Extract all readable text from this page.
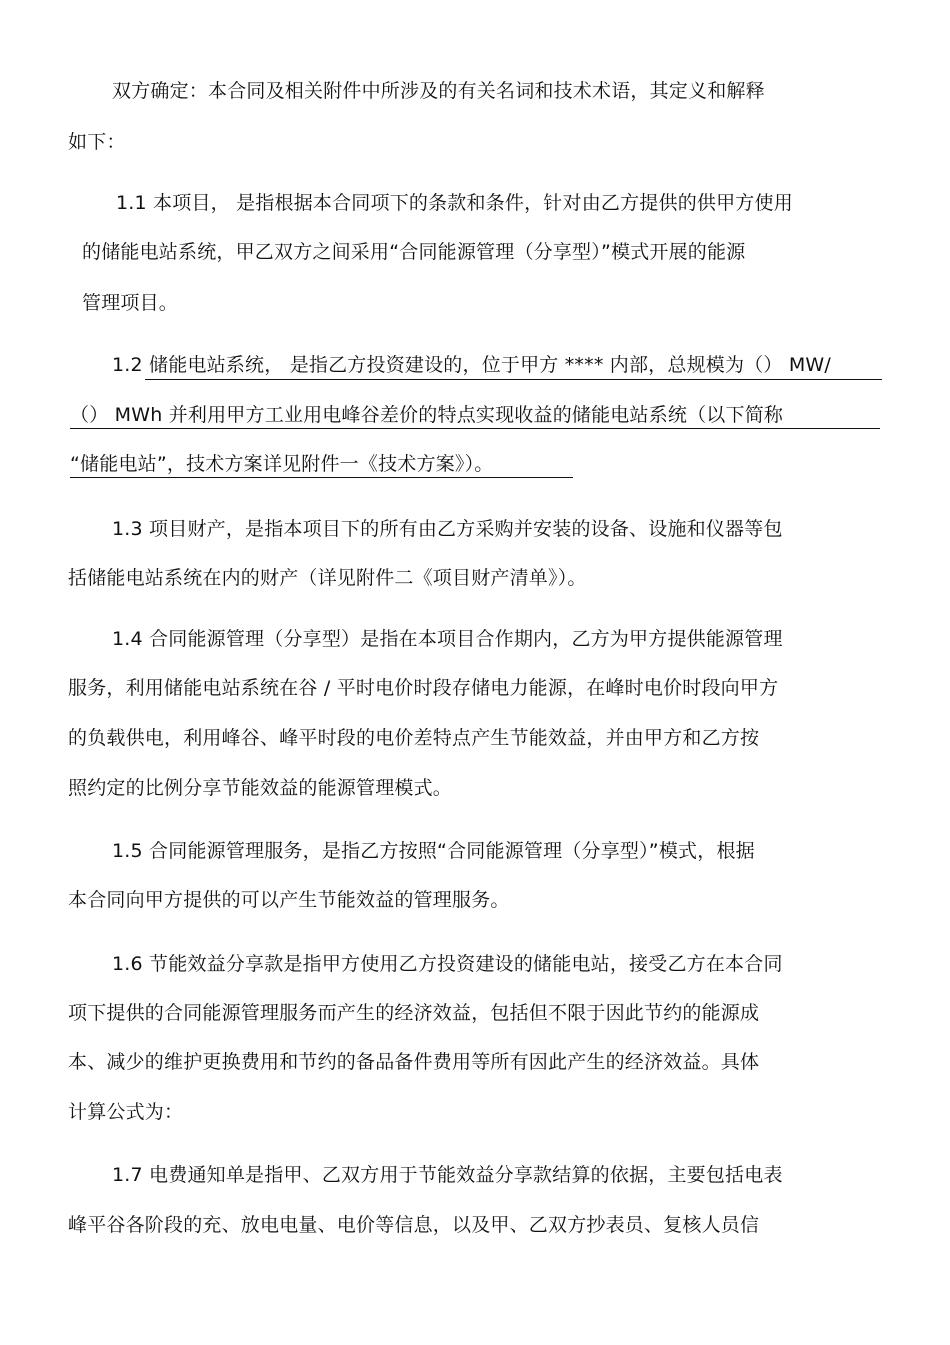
双方确定：本合同及相关附件中所涉及的有关名词和技术术语，其定义和解释
如下：
1.1 本项目， 是指根据本合同项下的条款和条件，针对由乙方提供的供甲方使用
的储能电站系统，甲乙双方之间采用“合同能源管理（分享型）”模式开展的能源
管理项目。
1.2 储能电站系统， 是指乙方投资建设的，位于甲方 **** 内部，总规模为（） MW/
（） MWh 并利用甲方工业用电峰谷差价的特点实现收益的储能电站系统（以下简称
“储能电站”，技术方案详见附件一《技术方案》）。
1.3 项目财产，是指本项目下的所有由乙方采购并安装的设备、设施和仪器等包
括储能电站系统在内的财产（详见附件二《项目财产清单》）。
1.4 合同能源管理（分享型）是指在本项目合作期内，乙方为甲方提供能源管理
服务，利用储能电站系统在谷 / 平时电价时段存储电力能源，在峰时电价时段向甲方
的负载供电，利用峰谷、峰平时段的电价差特点产生节能效益，并由甲方和乙方按
照约定的比例分享节能效益的能源管理模式。
1.5 合同能源管理服务，是指乙方按照“合同能源管理（分享型）”模式，根据
本合同向甲方提供的可以产生节能效益的管理服务。
1.6 节能效益分享款是指甲方使用乙方投资建设的储能电站，接受乙方在本合同
项下提供的合同能源管理服务而产生的经济效益，包括但不限于因此节约的能源成
本、减少的维护更换费用和节约的备品备件费用等所有因此产生的经济效益。具体
计算公式为：
1.7 电费通知单是指甲、乙双方用于节能效益分享款结算的依据，主要包括电表
峰平谷各阶段的充、放电电量、电价等信息，以及甲、乙双方抄表员、复核人员信
